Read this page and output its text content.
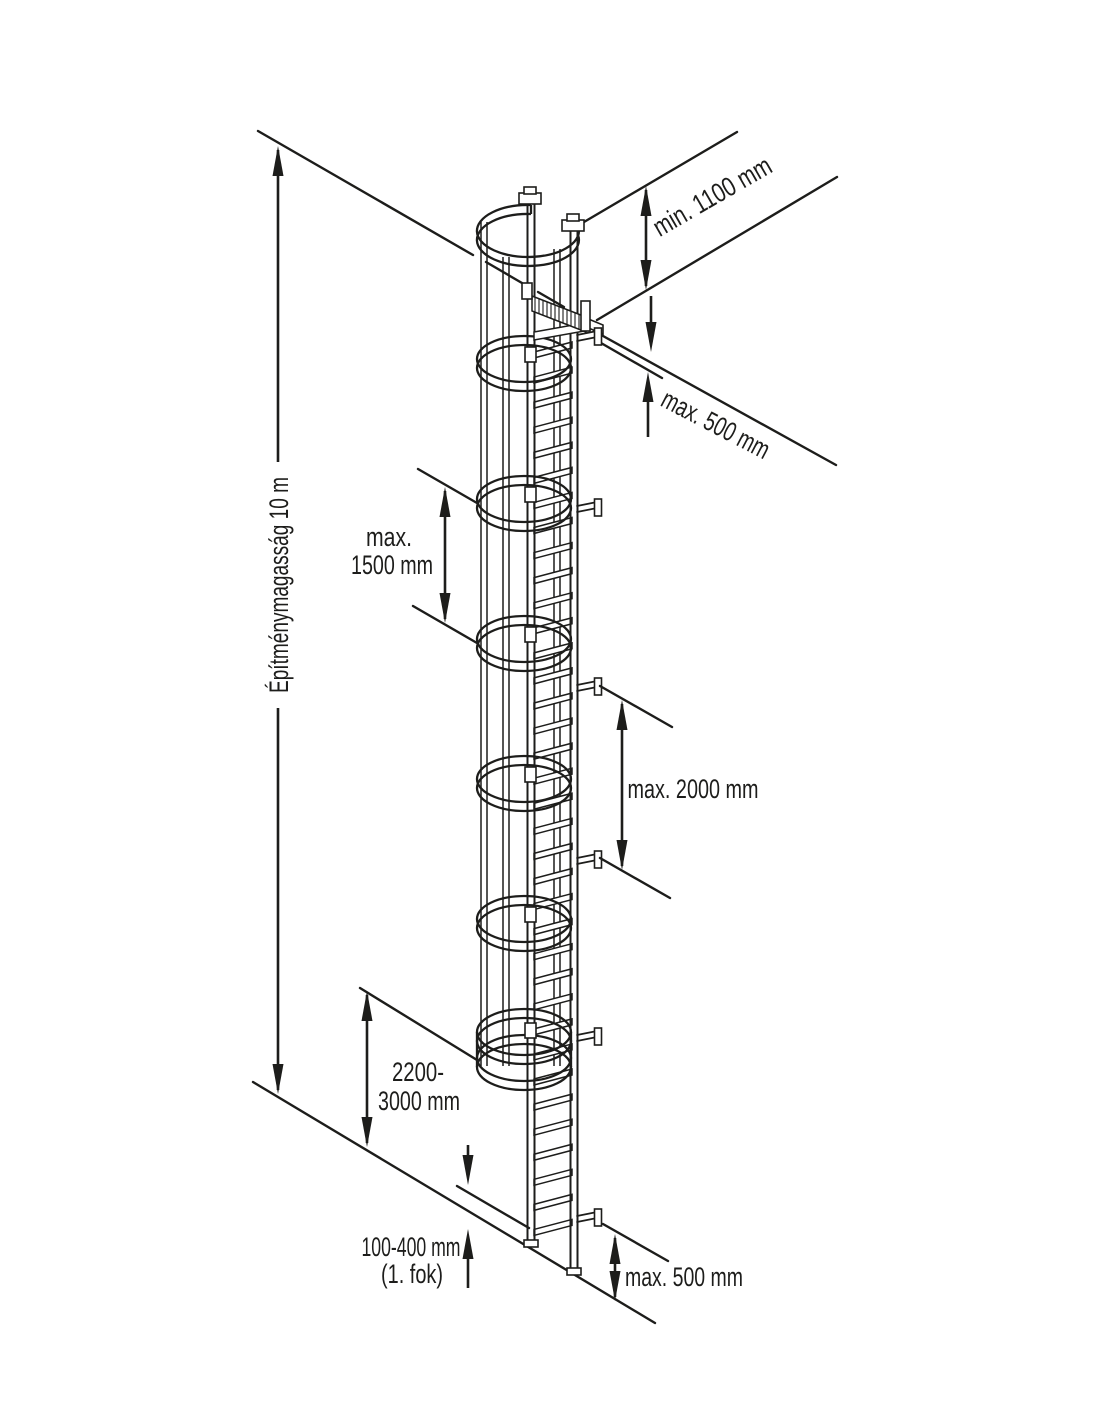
Építménymagasság 10 m
min. 1100 mm
max. 500 mm
max.
1500 mm
max. 2000 mm
2200-
3000 mm
100-400 mm
(1. fok)	max. 500 mm
